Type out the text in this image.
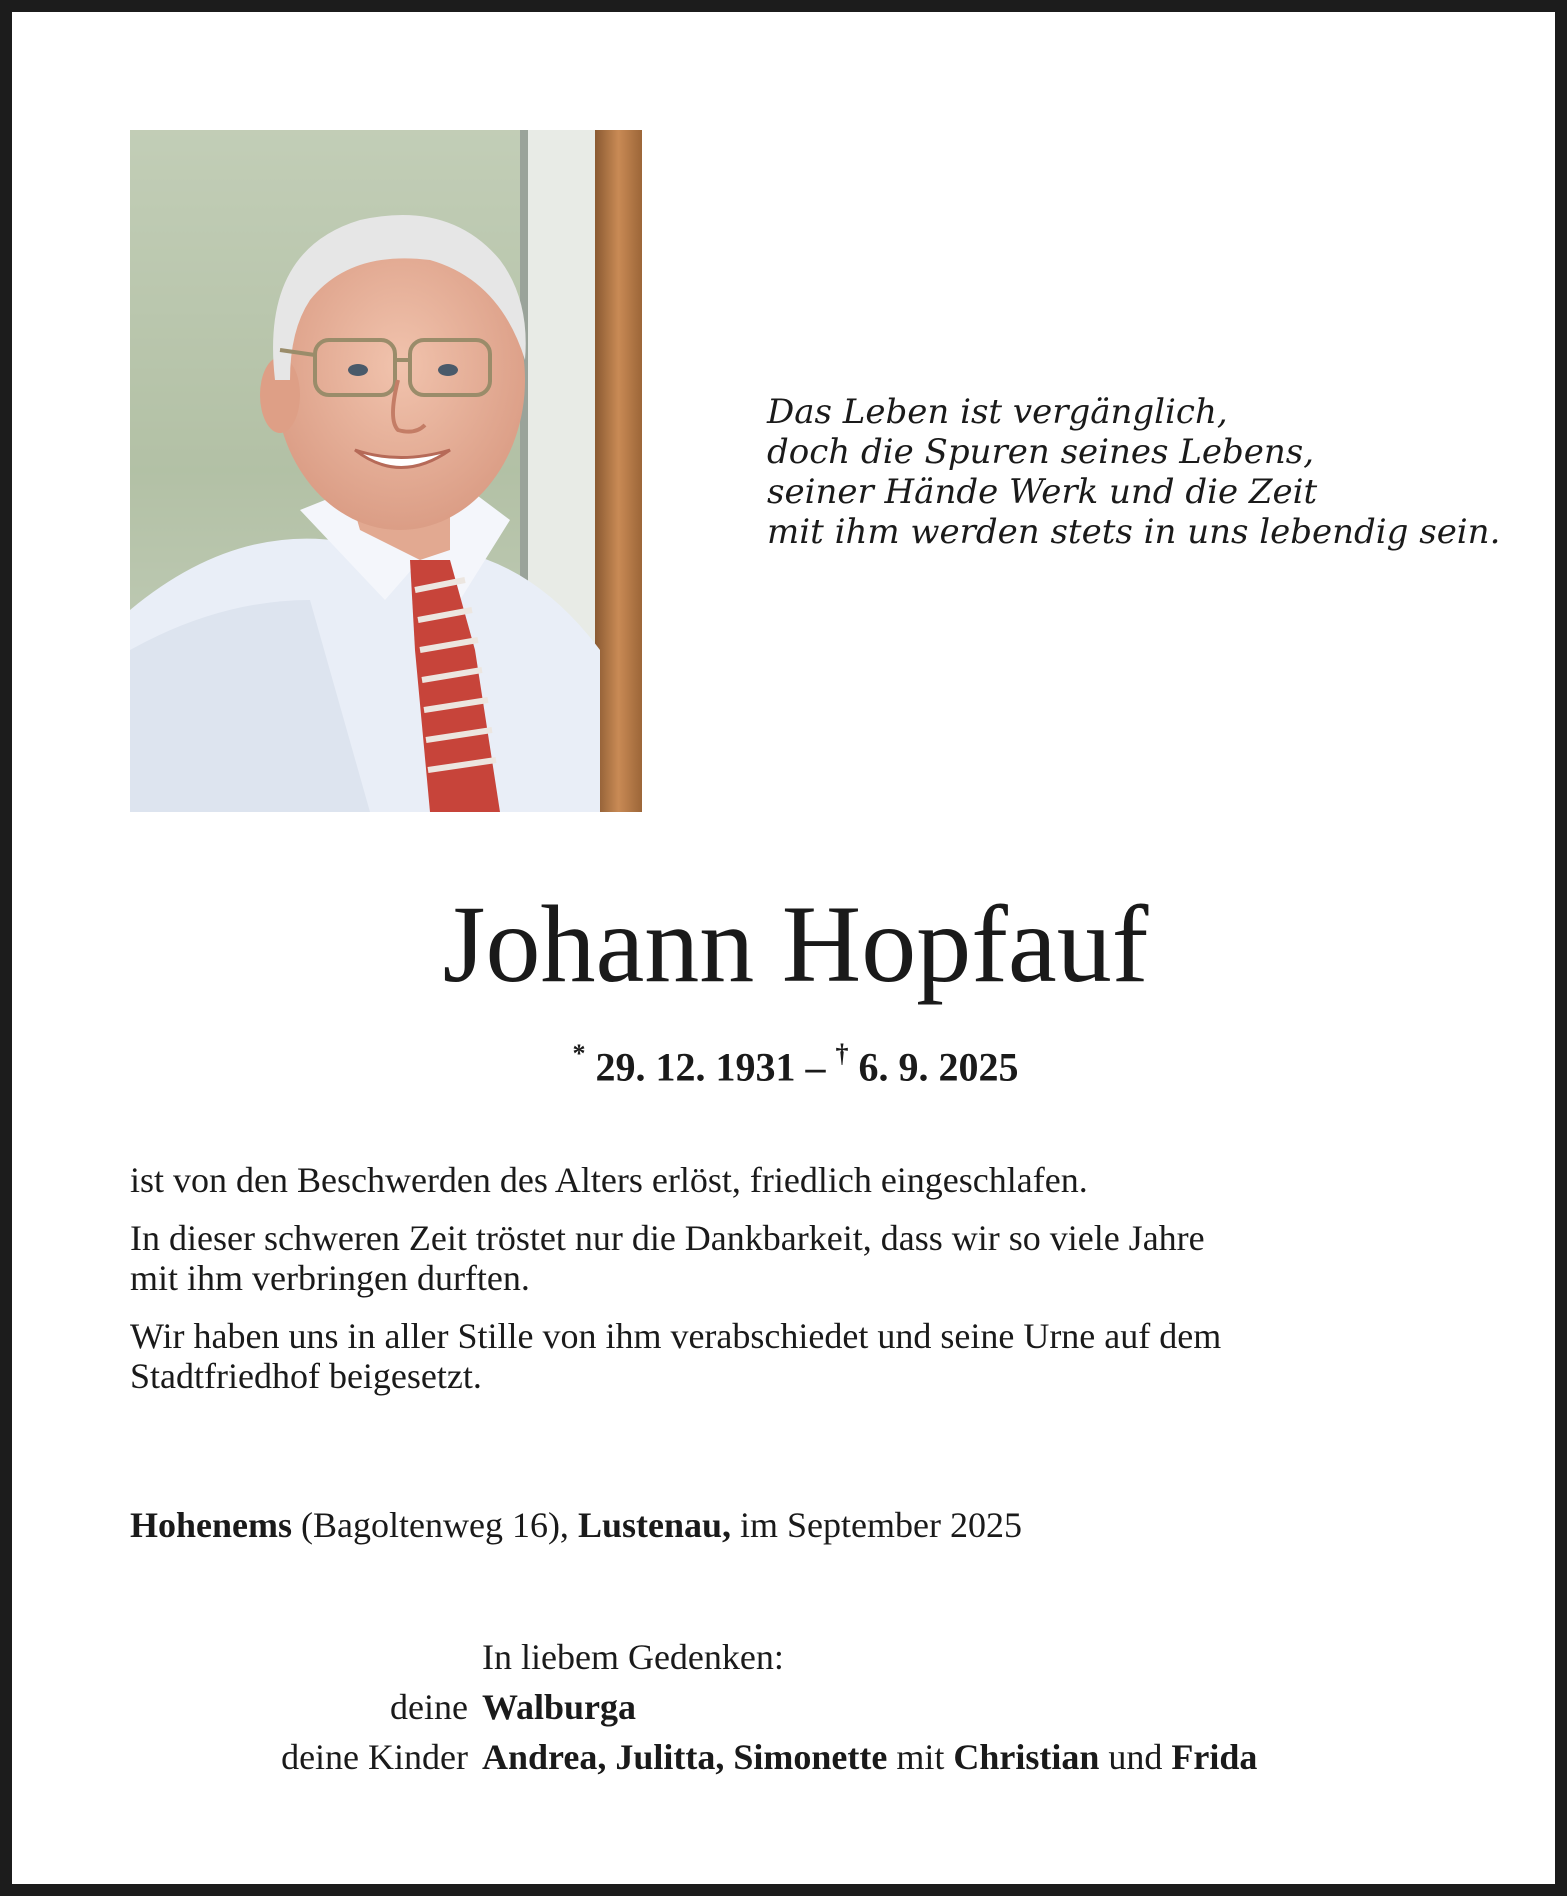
Das Leben ist vergänglich,
doch die Spuren seines Lebens,
seiner Hände Werk und die Zeit
mit ihm werden stets in uns lebendig sein.
Johann Hopfauf
* 29. 12. 1931 – † 6. 9. 2025

ist von den Beschwerden des Alters erlöst, friedlich eingeschlafen.

In dieser schweren Zeit tröstet nur die Dankbarkeit, dass wir so viele Jahre
mit ihm verbringen durften.

Wir haben uns in aller Stille von ihm verabschiedet und seine Urne auf dem
Stadtfriedhof beigesetzt.

Hohenems (Bagoltenweg 16), Lustenau, im September 2025
In liebem Gedenken:
deine Walburga
deine Kinder Andrea, Julitta, Simonette mit Christian und Frida
